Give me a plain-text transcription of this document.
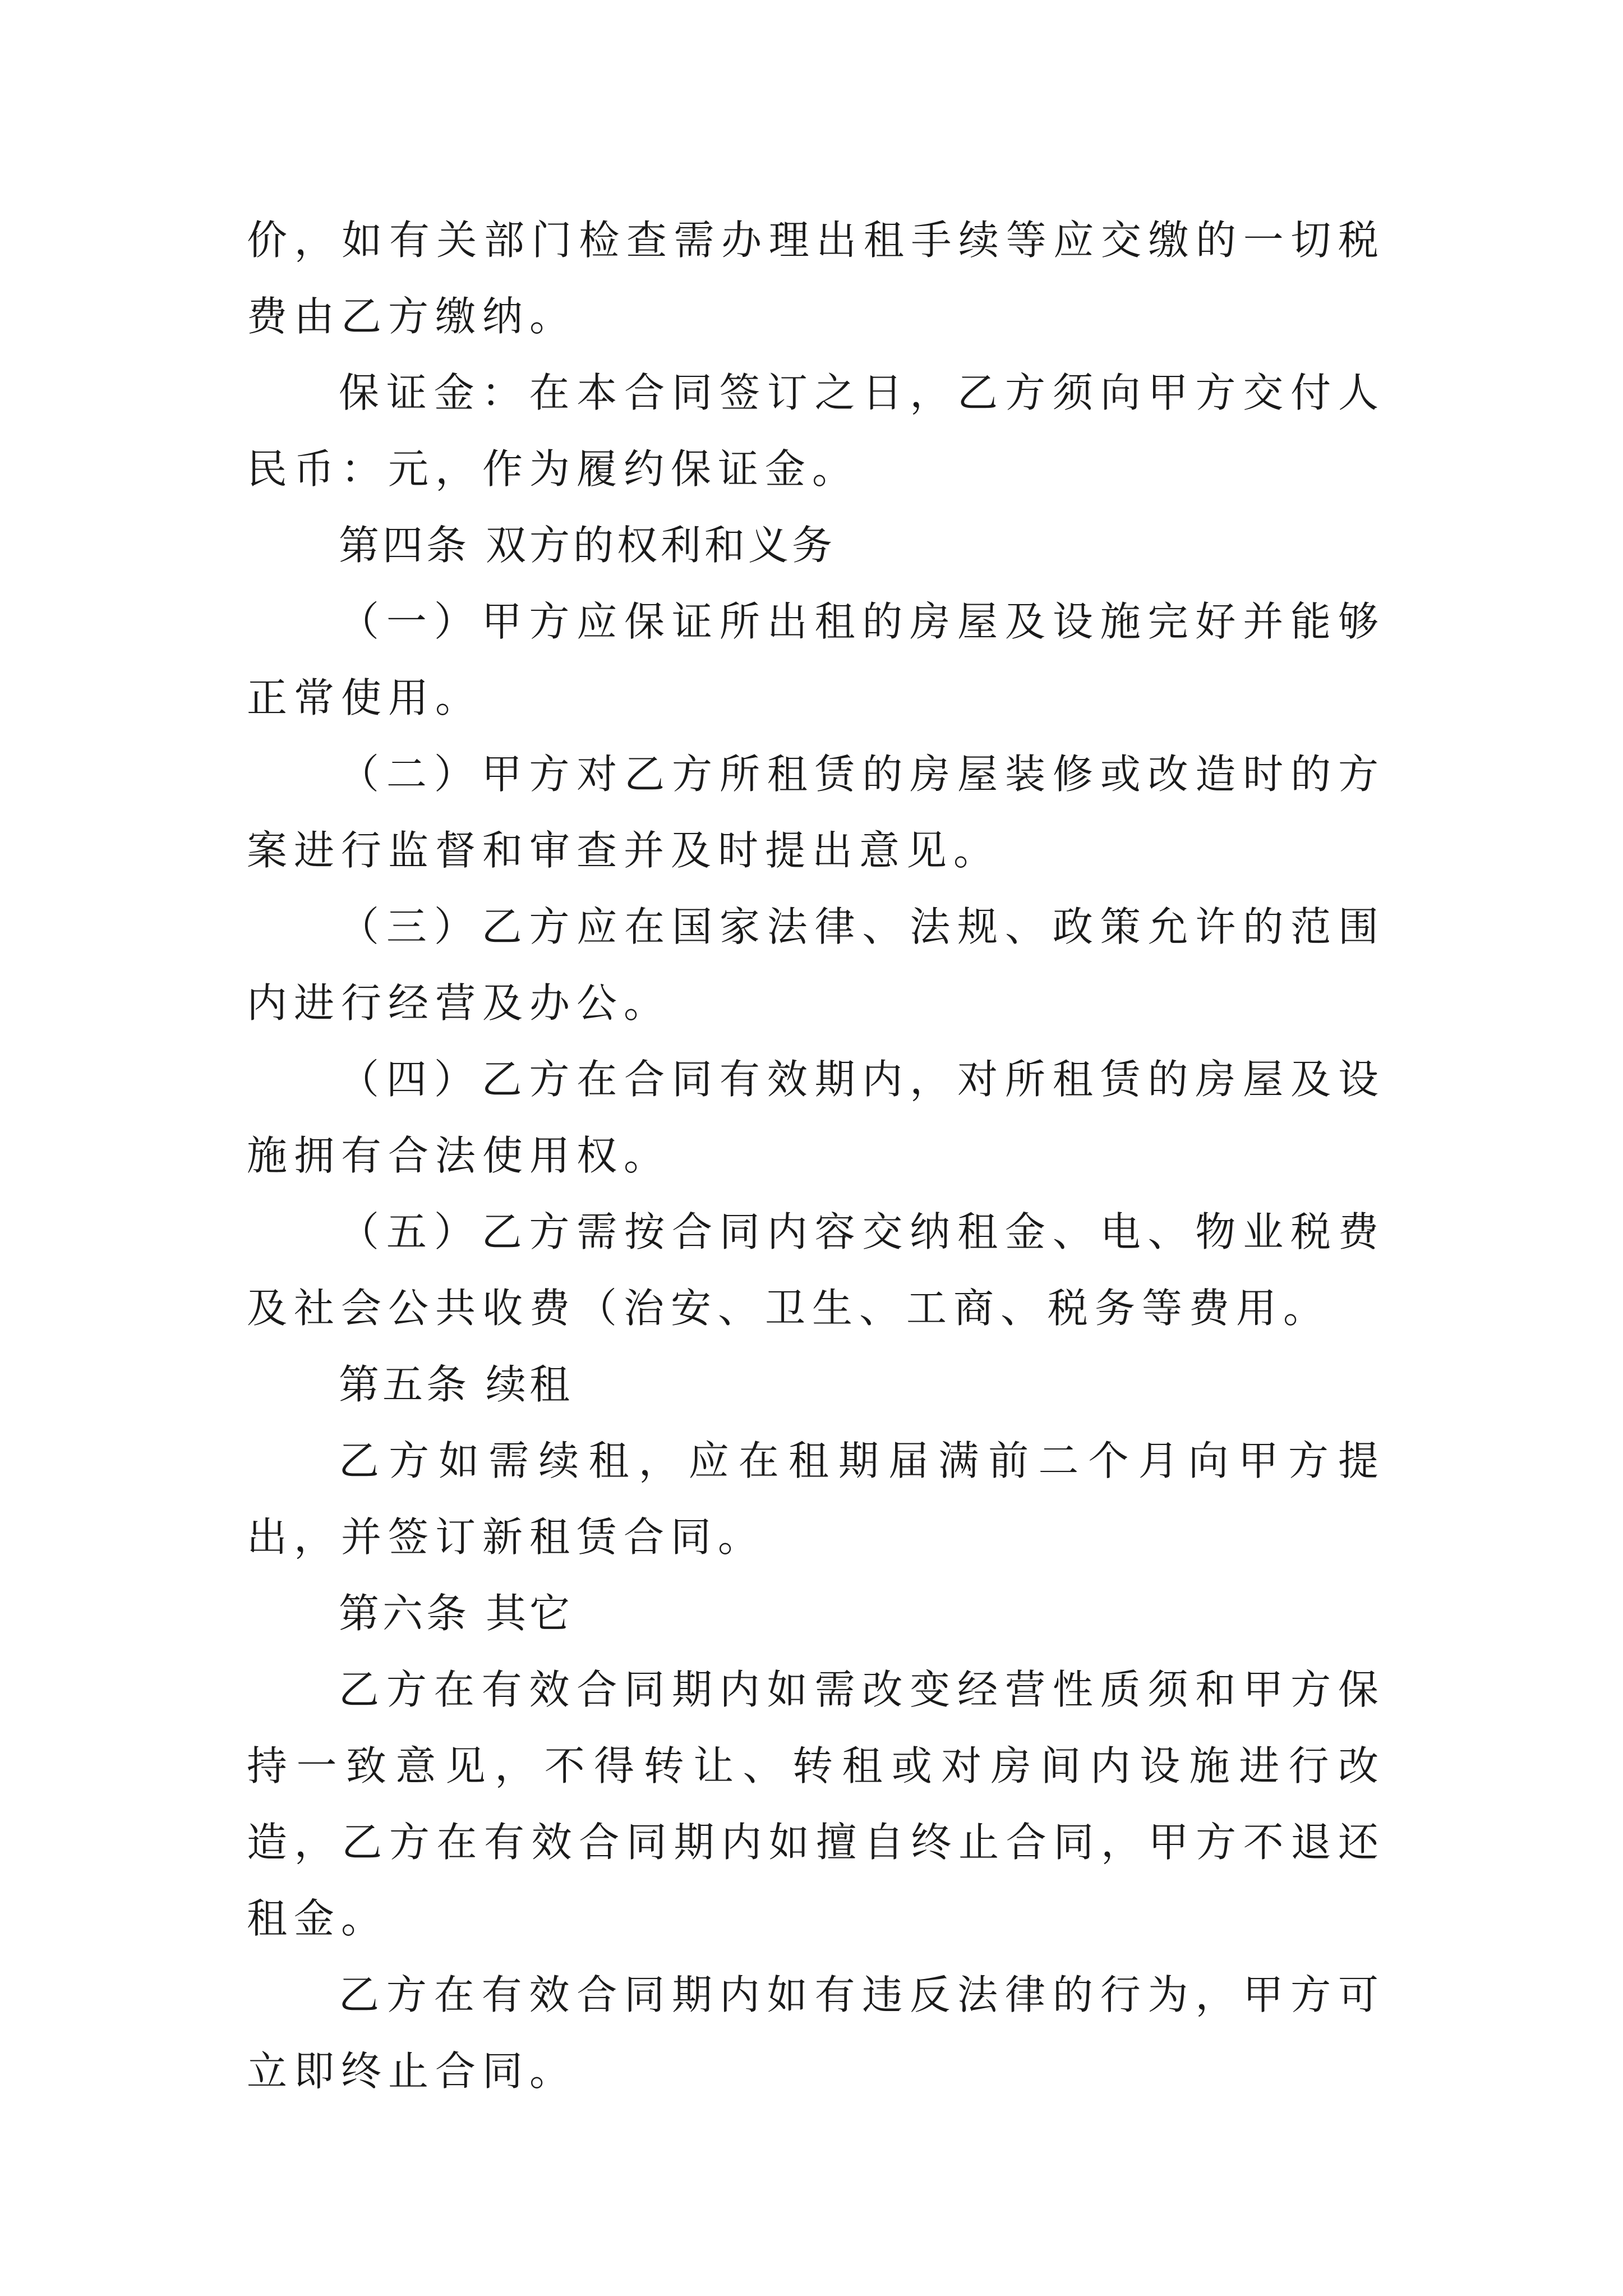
价，如有关部门检查需办理出租手续等应交缴的一切税费由乙方缴纳。

保证金：在本合同签订之日，乙方须向甲方交付人民币：元，作为履约保证金。

第四条 双方的权利和义务

（一）甲方应保证所出租的房屋及设施完好并能够正常使用。

（二）甲方对乙方所租赁的房屋装修或改造时的方案进行监督和审查并及时提出意见。

（三）乙方应在国家法律、法规、政策允许的范围内进行经营及办公。

（四）乙方在合同有效期内，对所租赁的房屋及设施拥有合法使用权。

（五）乙方需按合同内容交纳租金、电、物业税费及社会公共收费（治安、卫生、工商、税务等费用。

第五条 续租

乙方如需续租，应在租期届满前二个月向甲方提出，并签订新租赁合同。

第六条 其它

乙方在有效合同期内如需改变经营性质须和甲方保持一致意见，不得转让、转租或对房间内设施进行改造，乙方在有效合同期内如擅自终止合同，甲方不退还租金。

乙方在有效合同期内如有违反法律的行为，甲方可立即终止合同。
